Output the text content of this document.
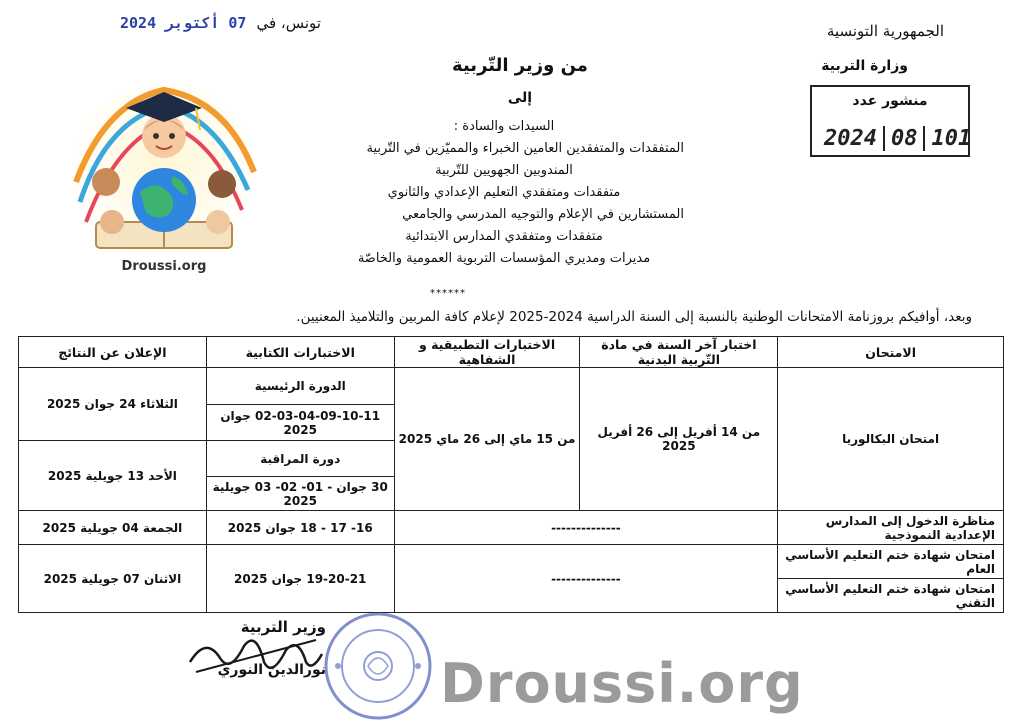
الجمهورية التونسية
وزارة التربية
تونس، في
07 أكتوبر 2024
منشور عدد
2024 08 101
Droussi.org
من وزير التّربية
إلى
السيدات والسادة :
المتفقدات والمتفقدين العامين الخبراء والمميّزين في التّربية
المندوبين الجهويين للتّربية
متفقدات ومتفقدي التعليم الإعدادي والثانوي
المستشارين في الإعلام والتوجيه المدرسي والجامعي
متفقدات ومتفقدي المدارس الابتدائية
مديرات ومديري المؤسسات التربوية العمومية والخاصّة
******
وبعد، أوافيكم بروزنامة الامتحانات الوطنية بالنسبة إلى السنة الدراسية 2024-2025 لإعلام كافة المربين والتلاميذ المعنيين.
الامتحان	اختبار آخر السنة في مادة التّربية البدنية	الاختبارات التطبيقية و الشفاهية	الاختبارات الكتابية	الإعلان عن النتائج
امتحان البكالوريا	من 14 أفريل إلى 26 أفريل 2025	من 15 ماي إلى 26 ماي 2025	الدورة الرئيسية	الثلاثاء 24 جوان 2025
			02-03-04-09-10-11 جوان 2025	
			دورة المراقبة	الأحد 13 جويلية 2025
			30 جوان - 01- 02- 03 جويلية 2025	
مناظرة الدخول إلى المدارس الإعدادية النموذجية	--------------		16- 17 - 18 جوان 2025	الجمعة 04 جويلية 2025
امتحان شهادة ختم التعليم الأساسي العام	--------------		19-20-21 جوان 2025	الاثنان 07 جويلية 2025
امتحان شهادة ختم التعليم الأساسي التقني				
وزير التربية
نورالدين النوري Droussi.org
